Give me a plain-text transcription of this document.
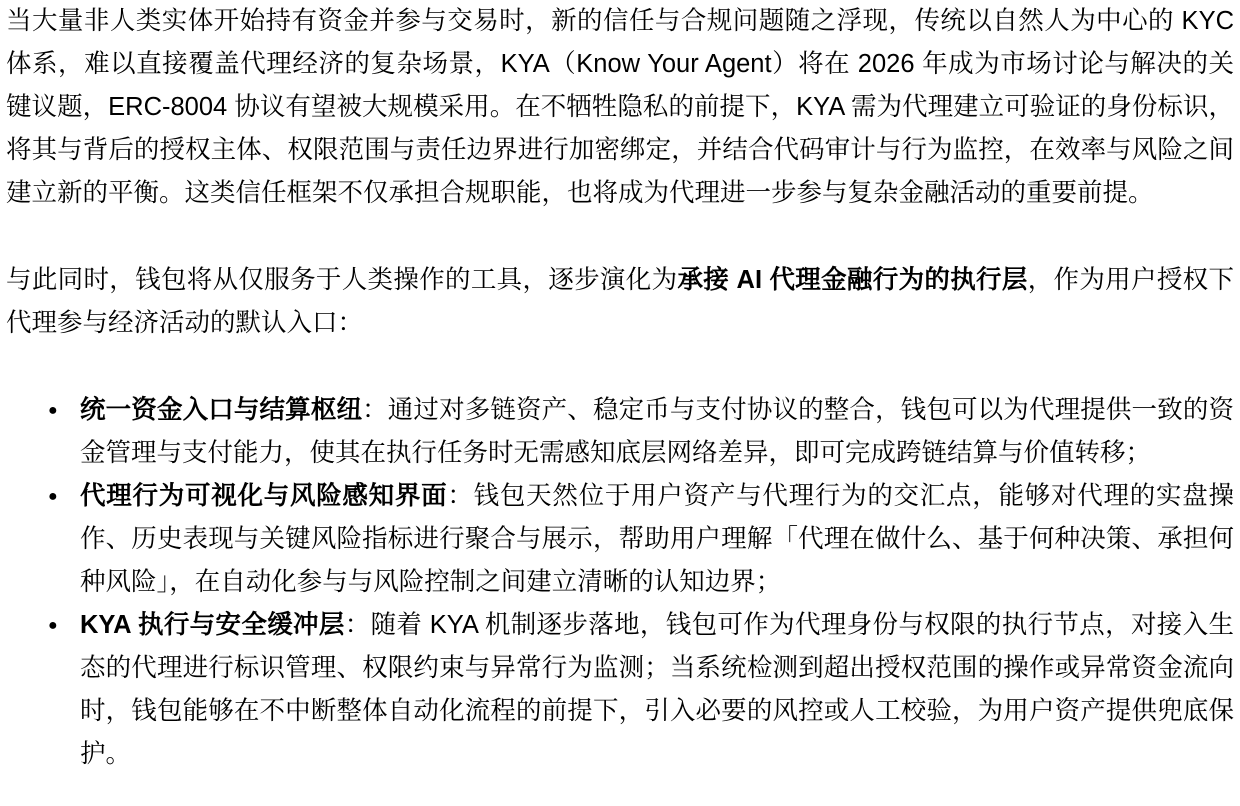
当大量非人类实体开始持有资金并参与交易时，新的信任与合规问题随之浮现，传统以自然人为中心的 KYC 体系，难以直接覆盖代理经济的复杂场景，KYA（Know Your Agent）将在 2026 年成为市场讨论与解决的关键议题，ERC-8004 协议有望被大规模采用。在不牺牲隐私的前提下，KYA 需为代理建立可验证的身份标识，将其与背后的授权主体、权限范围与责任边界进行加密绑定，并结合代码审计与行为监控，在效率与风险之间建立新的平衡。这类信任框架不仅承担合规职能，也将成为代理进一步参与复杂金融活动的重要前提。

与此同时，钱包将从仅服务于人类操作的工具，逐步演化为承接 AI 代理金融行为的执行层，作为用户授权下代理参与经济活动的默认入口：

● 统一资金入口与结算枢纽：通过对多链资产、稳定币与支付协议的整合，钱包可以为代理提供一致的资金管理与支付能力，使其在执行任务时无需感知底层网络差异，即可完成跨链结算与价值转移；
● 代理行为可视化与风险感知界面：钱包天然位于用户资产与代理行为的交汇点，能够对代理的实盘操作、历史表现与关键风险指标进行聚合与展示，帮助用户理解「代理在做什么、基于何种决策、承担何种风险」，在自动化参与与风险控制之间建立清晰的认知边界；
● KYA 执行与安全缓冲层：随着 KYA 机制逐步落地，钱包可作为代理身份与权限的执行节点，对接入生态的代理进行标识管理、权限约束与异常行为监测；当系统检测到超出授权范围的操作或异常资金流向时，钱包能够在不中断整体自动化流程的前提下，引入必要的风控或人工校验，为用户资产提供兜底保护。
